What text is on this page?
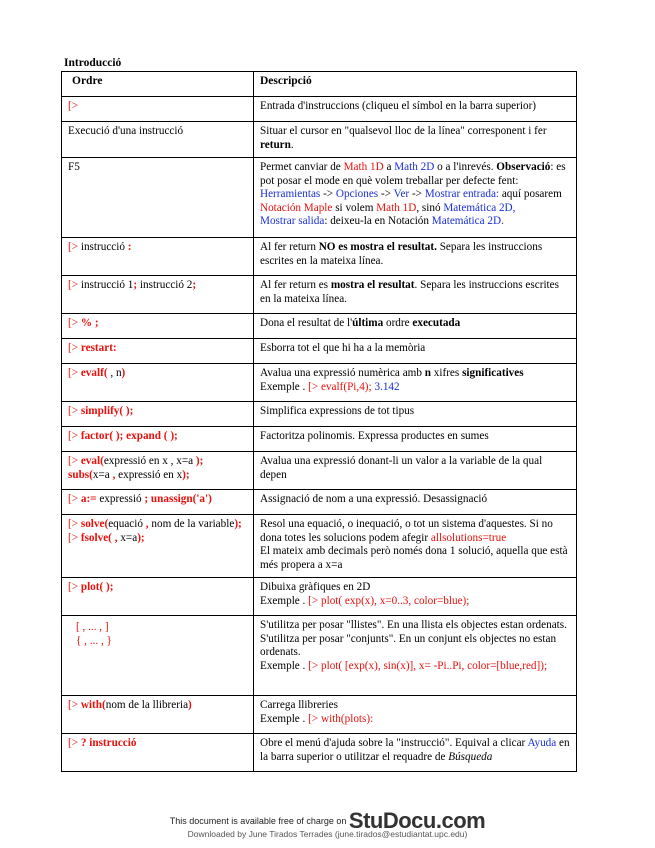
Introducció
Ordre	Descripció
[>	Entrada d'instruccions (cliqueu el símbol en la barra superior)
Execució d'una instrucció	Situar el cursor en "qualsevol lloc de la línea" corresponent i fer return.
F5	Permet canviar de Math 1D a Math 2D o a l'inrevés. Observació: es pot posar el mode en què volem treballar per defecte fent: Herramientas -> Opciones -> Ver -> Mostrar entrada: aquí posarem Notación Maple si volem Math 1D, sinó Matemática 2D,
Mostrar salida: deixeu-la en Notación Matemática 2D.
[> instrucció :	Al fer return NO es mostra el resultat. Separa les instruccions escrites en la mateixa línea.
[> instrucció 1; instrucció 2;	Al fer return es mostra el resultat. Separa les instruccions escrites en la mateixa línea.
[> % ;	Dona el resultat de l'última ordre executada
[> restart:	Esborra tot el que hi ha a la memòria
[> evalf( , n)	Avalua una expressió numèrica amb n xifres significatives
Exemple . [> evalf(Pi,4); 3.142
[> simplify( );	Simplifica expressions de tot tipus
[> factor( ); expand ( );	Factoritza polinomis. Expressa productes en sumes
[> eval(expressió en x , x=a );
subs(x=a , expressió en x);	Avalua una expressió donant-li un valor a la variable de la qual depen
[> a:= expressió ; unassign('a')	Assignació de nom a una expressió. Desassignació
[> solve(equació , nom de la variable);
[> fsolve( , x=a);	Resol una equació, o inequació, o tot un sistema d'aquestes. Si no dona totes les solucions podem afegir allsolutions=true
El mateix amb decimals però només dona 1 solució, aquella que està més propera a x=a
[> plot( );	Dibuixa gràfiques en 2D
Exemple . [> plot( exp(x), x=0..3, color=blue);
[ , ... , ]
{ , ... , }	S'utilitza per posar "llistes". En una llista els objectes estan ordenats.
S'utilitza per posar "conjunts". En un conjunt els objectes no estan ordenats.
Exemple . [> plot( [exp(x), sin(x)], x= -Pi..Pi, color=[blue,red]);
[> with(nom de la llibreria)	Carrega llibreries
Exemple . [> with(plots):
[> ? instrucció	Obre el menú d'ajuda sobre la "instrucció". Equival a clicar Ayuda en la barra superior o utilitzar el requadre de Búsqueda
This document is available free of charge on StuDocu.com
Downloaded by June Tirados Terrades (june.tirados@estudiantat.upc.edu)
